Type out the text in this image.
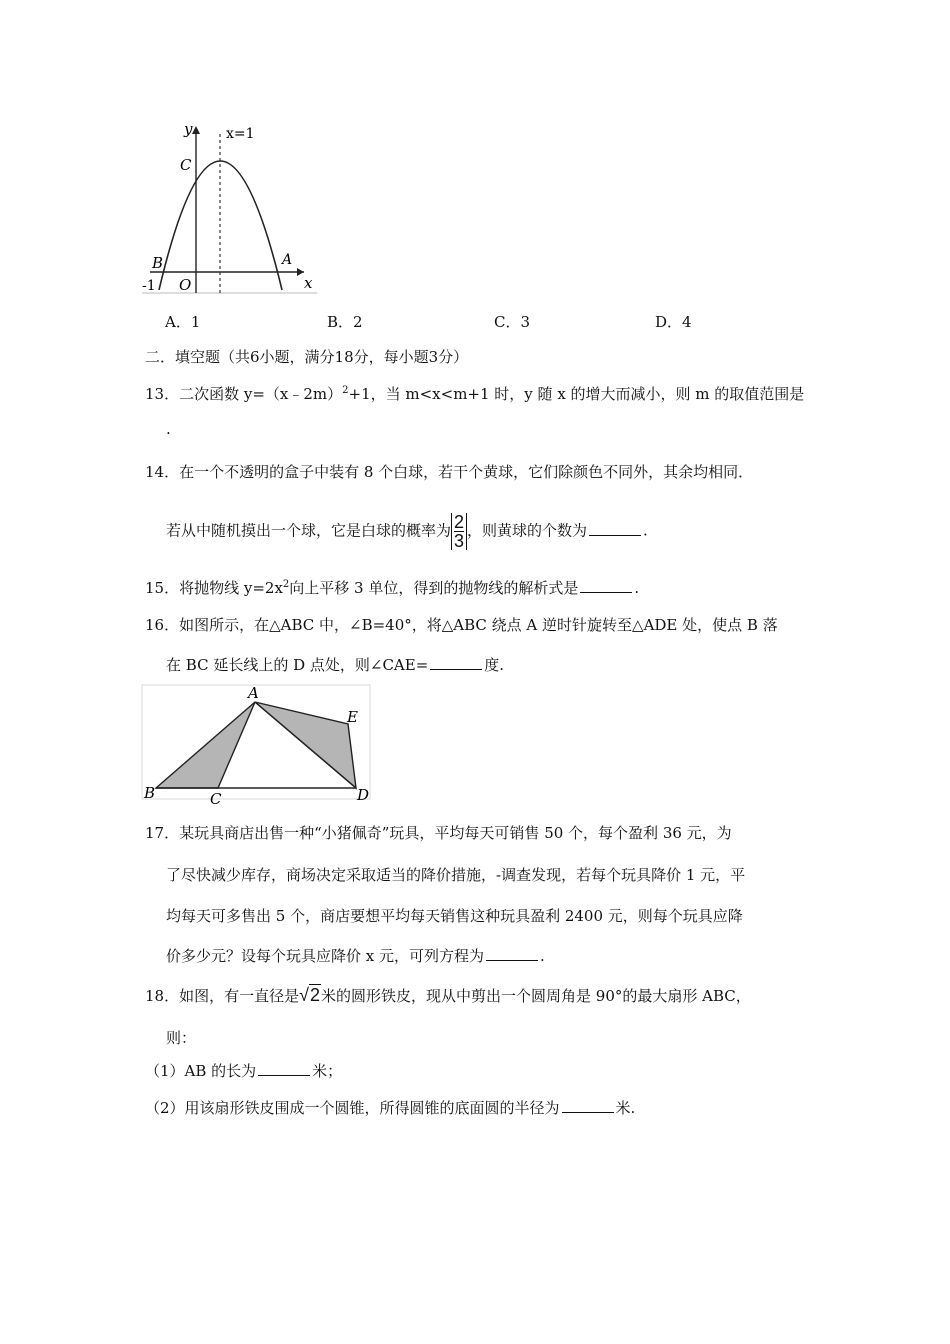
y x=1
C
B	A
-1 O	x
A．1	B．2	C．3	D．4
二．填空题（共6小题，满分18分，每小题3分）
13．二次函数 y=（x﹣2m）$^2$+1，当 m<x<m+1 时，y 随 x 的增大而减小，则 m 的取值范围是
.
14．在一个不透明的盒子中装有 8 个白球，若干个黄球，它们除颜色不同外，其余均相同．
若从中随机摸出一个球，它是白球的概率为 $\frac{2}{3}$ ，则黄球的个数为	.
15．将抛物线 $y=2x^2$向上平移 3 单位，得到的抛物线的解析式是	.
16．如图所示，在△ABC 中，∠B=40°，将△ABC 绕点 A 逆时针旋转至△ADE 处，使点 B 落
在 BC 延长线上的 D 点处，则∠CAE=	度.
A
E
B	C	D
17．某玩具商店出售一种“小猪佩奇”玩具，平均每天可销售 50 个，每个盈利 36 元，为
了尽快减少库存，商场决定采取适当的降价措施，-调查发现，若每个玩具降价 1 元，平
均每天可多售出 5 个，商店要想平均每天销售这种玩具盈利 2400 元，则每个玩具应降
价多少元？设每个玩具应降价 x 元，可列方程为	.
18．如图，有一直径是√2米的圆形铁皮，现从中剪出一个圆周角是 90°的最大扇形 ABC，
则：
（1）AB 的长为	米；
（2）用该扇形铁皮围成一个圆锥，所得圆锥的底面圆的半径为	米.
